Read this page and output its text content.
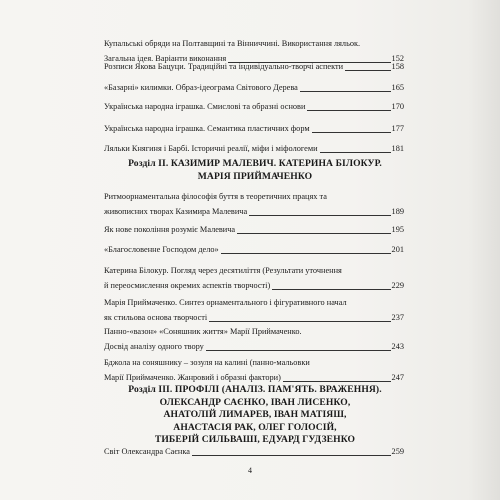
Купальські обряди на Полтавщині та Вінниччині. Використання ляльок.
Загальна ідея. Варіанти виконання	152
Розписи Якова Бацуци. Традиційні та індивідуально-творчі аспекти	158
«Базарні» килимки. Образ-ідеограма Світового Дерева	165
Українська народна іграшка. Смислові та образні основи	170
Українська народна іграшка. Семантика пластичних форм	177
Ляльки Княгиня і Барбі. Історичні реалії, міфи і міфологеми	181
Розділ II. КАЗИМИР МАЛЕВИЧ. КАТЕРИНА БІЛОКУР.
МАРІЯ ПРИЙМАЧЕНКО
Ритмоорнаментальна філософія буття в теоретичних працях та
живописних творах Казимира Малевича	189
Як нове покоління розуміє Малевича	195
«Благословенне Господом дело»	201
Катерина Білокур. Погляд через десятиліття (Результати уточнення
й переосмислення окремих аспектів творчості)	229
Марія Приймаченко. Синтез орнаментального і фігуративного начал
як стильова основа творчості	237
Панно-«вазон» «Соняшник життя» Марії Приймаченко.
Досвід аналізу одного твору	243
Бджола на соняшнику – зозуля на калині (панно-мальовки
Марії Приймаченко. Жанровий і образні фактори)	247
Розділ III. ПРОФІЛІ (АНАЛІЗ. ПАМ'ЯТЬ. ВРАЖЕННЯ).
ОЛЕКСАНДР САЄНКО, ІВАН ЛИСЕНКО,
АНАТОЛІЙ ЛИМАРЕВ, ІВАН МАТІЯШ,
АНАСТАСІЯ РАК, ОЛЕГ ГОЛОСІЙ,
ТИБЕРІЙ СИЛЬВАШІ, ЕДУАРД ГУДЗЕНКО
Світ Олександра Саєнка	259
4
